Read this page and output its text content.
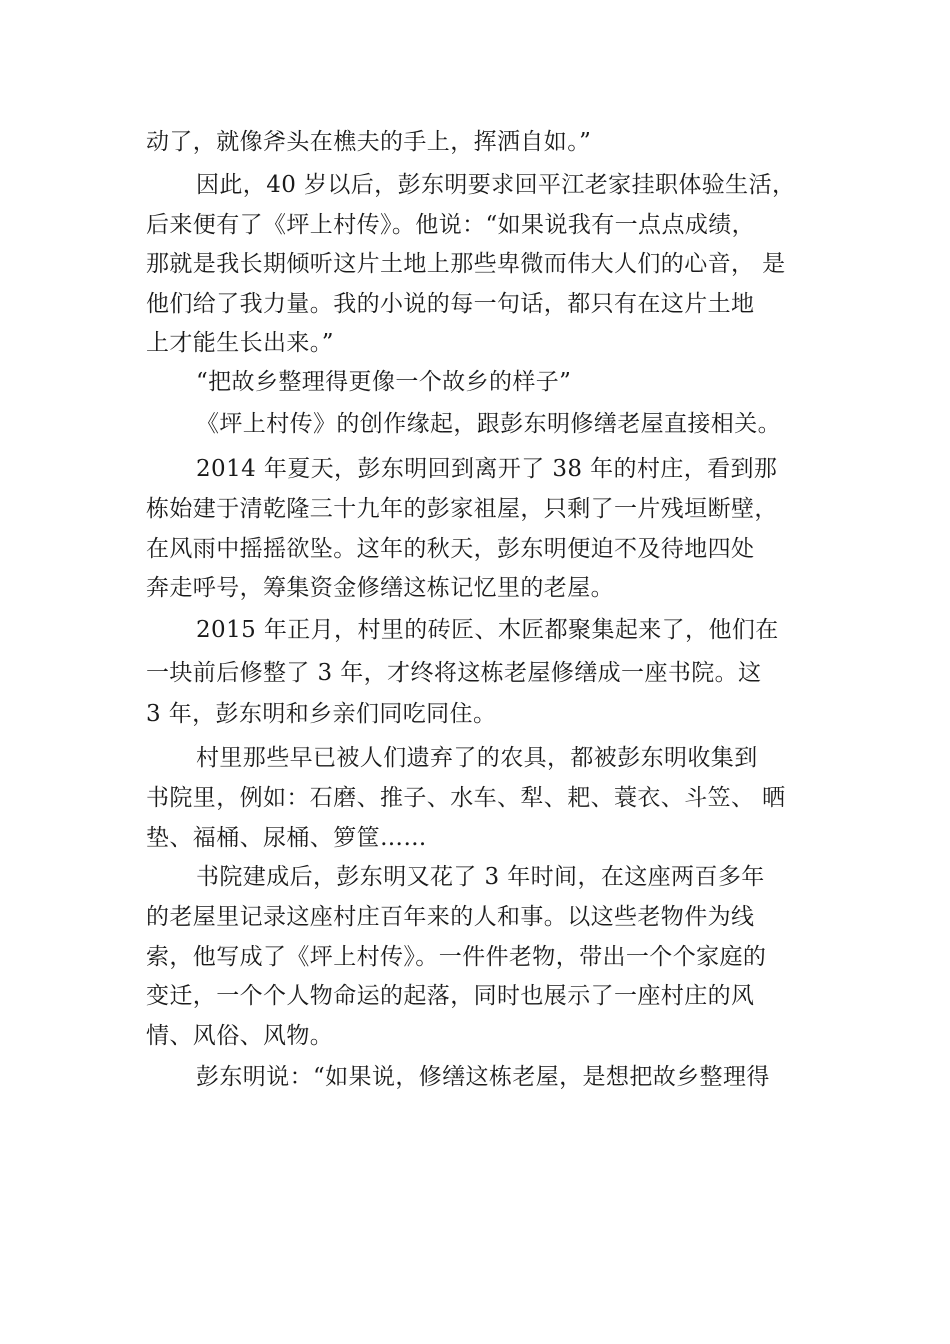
动了，就像斧头在樵夫的手上，挥洒自如。”

因此，40 岁以后，彭东明要求回平江老家挂职体验生活，

后来便有了《坪上村传》。他说：“如果说我有一点点成绩，

那就是我长期倾听这片土地上那些卑微而伟大人们的心音， 是

他们给了我力量。我的小说的每一句话，都只有在这片土地

上才能生长出来。”

“把故乡整理得更像一个故乡的样子”

《坪上村传》的创作缘起，跟彭东明修缮老屋直接相关。

2014 年夏天，彭东明回到离开了 38 年的村庄，看到那

栋始建于清乾隆三十九年的彭家祖屋，只剩了一片残垣断壁，

在风雨中摇摇欲坠。这年的秋天，彭东明便迫不及待地四处

奔走呼号，筹集资金修缮这栋记忆里的老屋。

2015 年正月，村里的砖匠、木匠都聚集起来了，他们在

一块前后修整了 3 年，才终将这栋老屋修缮成一座书院。这

3 年，彭东明和乡亲们同吃同住。

村里那些早已被人们遗弃了的农具，都被彭东明收集到

书院里，例如：石磨、推子、水车、犁、耙、蓑衣、斗笠、 晒

垫、福桶、尿桶、箩筐……

书院建成后，彭东明又花了 3 年时间，在这座两百多年

的老屋里记录这座村庄百年来的人和事。以这些老物件为线

索，他写成了《坪上村传》。一件件老物，带出一个个家庭的

变迁，一个个人物命运的起落，同时也展示了一座村庄的风

情、风俗、风物。

彭东明说：“如果说，修缮这栋老屋，是想把故乡整理得
